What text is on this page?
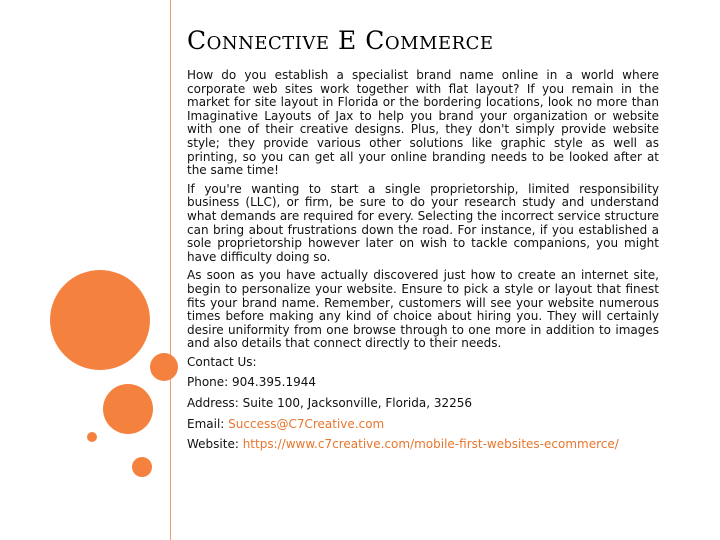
Connective E Commerce

How do you establish a specialist brand name online in a world where corporate web sites work together with flat layout? If you remain in the market for site layout in Florida or the bordering locations, look no more than Imaginative Layouts of Jax to help you brand your organization or website with one of their creative designs. Plus, they don't simply provide website style; they provide various other solutions like graphic style as well as printing, so you can get all your online branding needs to be looked after at the same time!

If you're wanting to start a single proprietorship, limited responsibility business (LLC), or firm, be sure to do your research study and understand what demands are required for every. Selecting the incorrect service structure can bring about frustrations down the road. For instance, if you established a sole proprietorship however later on wish to tackle companions, you might have difficulty doing so.

As soon as you have actually discovered just how to create an internet site, begin to personalize your website. Ensure to pick a style or layout that finest fits your brand name. Remember, customers will see your website numerous times before making any kind of choice about hiring you. They will certainly desire uniformity from one browse through to one more in addition to images and also details that connect directly to their needs.

Contact Us:

Phone: 904.395.1944

Address: Suite 100, Jacksonville, Florida, 32256

Email: Success@C7Creative.com

Website: https://www.c7creative.com/mobile-first-websites-ecommerce/
